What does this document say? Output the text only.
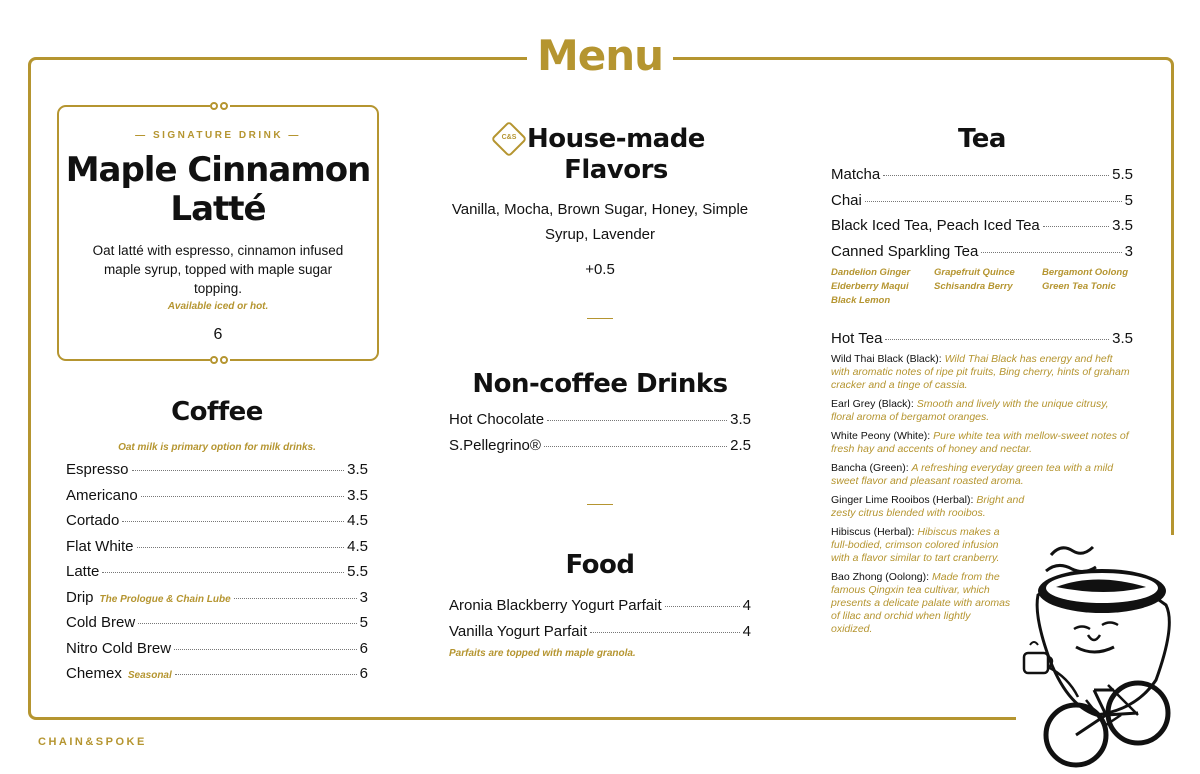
Menu
— SIGNATURE DRINK —
Maple Cinnamon Latté
Oat latté with espresso, cinnamon infused maple syrup, topped with maple sugar topping.
Available iced or hot.
6
Coffee
Oat milk is primary option for milk drinks.
Espresso	3.5
Americano	3.5
Cortado	4.5
Flat White	4.5
Latte	5.5
Drip The Prologue & Chain Lube	3
Cold Brew	5
Nitro Cold Brew	6
Chemex Seasonal	6
C&S House-made Flavors
Vanilla, Mocha, Brown Sugar, Honey, Simple Syrup, Lavender
+0.5
Non-coffee Drinks
Hot Chocolate	3.5
S.Pellegrino®	2.5
Food
Aronia Blackberry Yogurt Parfait	4
Vanilla Yogurt Parfait	4
Parfaits are topped with maple granola.
Tea
Matcha	5.5
Chai	5
Black Iced Tea, Peach Iced Tea	3.5
Canned Sparkling Tea	3
Dandelion Ginger	Grapefruit Quince	Bergamont Oolong
Elderberry Maqui	Schisandra Berry	Green Tea Tonic
Black Lemon
Hot Tea	3.5
Wild Thai Black (Black): Wild Thai Black has energy and heft with aromatic notes of ripe pit fruits, Bing cherry, hints of graham cracker and a tinge of cassia.
Earl Grey (Black): Smooth and lively with the unique citrusy, floral aroma of bergamot oranges.
White Peony (White): Pure white tea with mellow-sweet notes of fresh hay and accents of honey and nectar.
Bancha (Green): A refreshing everyday green tea with a mild sweet flavor and pleasant roasted aroma.
Ginger Lime Rooibos (Herbal): Bright and zesty citrus blended with rooibos.
Hibiscus (Herbal): Hibiscus makes a full-bodied, crimson colored infusion with a flavor similar to tart cranberry.
Bao Zhong (Oolong): Made from the famous Qingxin tea cultivar, which presents a delicate palate with aromas of lilac and orchid when lightly oxidized.
CHAIN&SPOKE
